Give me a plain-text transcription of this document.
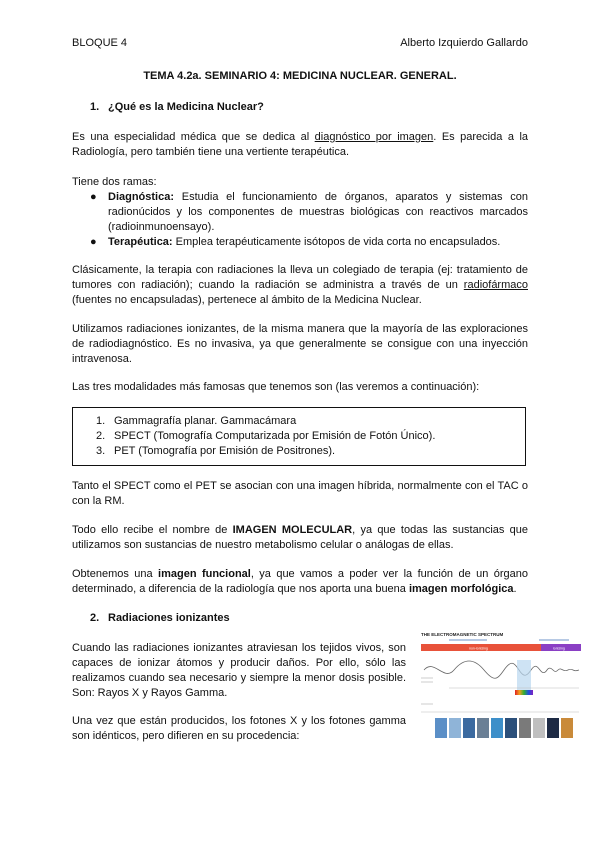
BLOQUE 4	Alberto Izquierdo Gallardo
TEMA 4.2a. SEMINARIO 4: MEDICINA NUCLEAR. GENERAL.
1. ¿Qué es la Medicina Nuclear?

Es una especialidad médica que se dedica al diagnóstico por imagen. Es parecida a la Radiología, pero también tiene una vertiente terapéutica.

Tiene dos ramas:

● Diagnóstica: Estudia el funcionamiento de órganos, aparatos y sistemas con radionúcidos y los componentes de muestras biológicas con reactivos marcados (radioinmunoensayo).
● Terapéutica: Emplea terapéuticamente isótopos de vida corta no encapsulados.

Clásicamente, la terapia con radiaciones la lleva un colegiado de terapia (ej: tratamiento de tumores con radiación); cuando la radiación se administra a través de un radiofármaco (fuentes no encapsuladas), pertenece al ámbito de la Medicina Nuclear.

Utilizamos radiaciones ionizantes, de la misma manera que la mayoría de las exploraciones de radiodiagnóstico. Es no invasiva, ya que generalmente se consigue con una inyección intravenosa.

Las tres modalidades más famosas que tenemos son (las veremos a continuación):

1. Gammagrafía planar. Gammacámara
2. SPECT (Tomografía Computarizada por Emisión de Fotón Único).
3. PET (Tomografía por Emisión de Positrones).

Tanto el SPECT como el PET se asocian con una imagen híbrida, normalmente con el TAC o con la RM.

Todo ello recibe el nombre de IMAGEN MOLECULAR, ya que todas las sustancias que utilizamos son sustancias de nuestro metabolismo celular o análogas de ellas.

Obtenemos una imagen funcional, ya que vamos a poder ver la función de un órgano determinado, a diferencia de la radiología que nos aporta una buena imagen morfológica.

2. Radiaciones ionizantes

Cuando las radiaciones ionizantes atraviesan los tejidos vivos, son capaces de ionizar átomos y producir daños. Por ello, sólo las realizamos cuando sea necesario y siempre la menor dosis posible. Son: Rayos X y Rayos Gamma.

Una vez que están producidos, los fotones X y los fotones gamma son idénticos, pero difieren en su procedencia:

THE ELECTROMAGNETIC SPECTRUM
non-ionizing	ionizing
